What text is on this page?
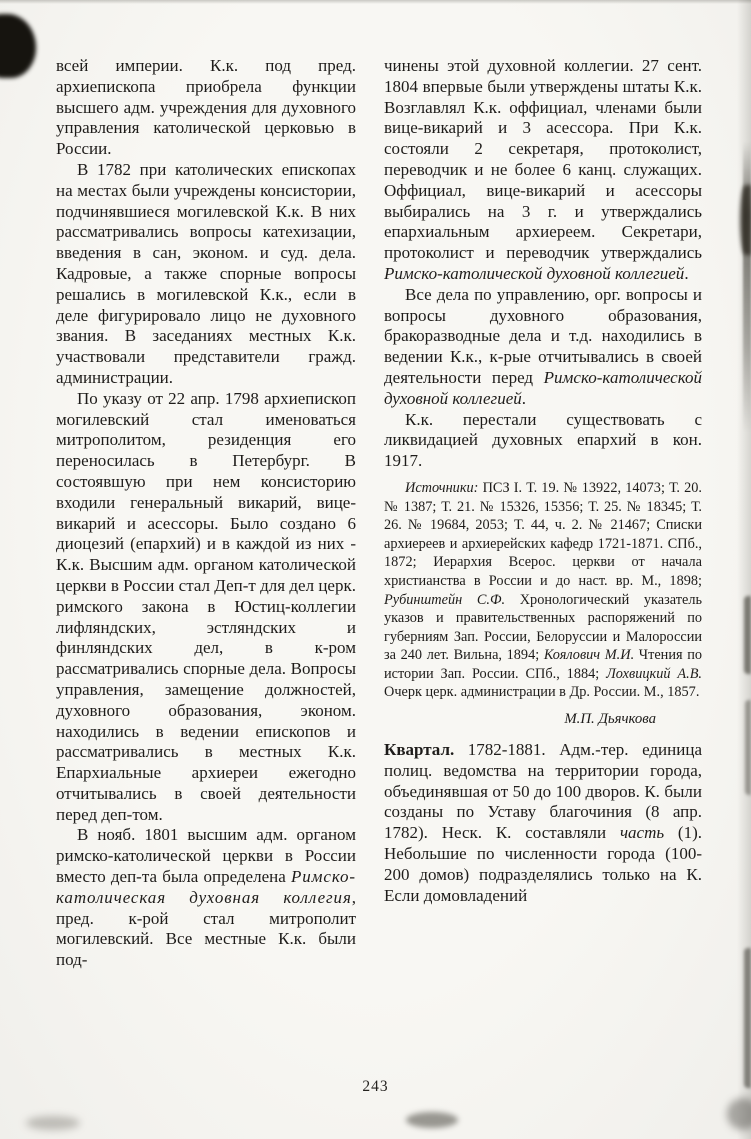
всей империи. К.к. под пред. архиепископа приобрела функции высшего адм. учреждения для духовного управления католической церковью в России.

В 1782 при католических епископах на местах были учреждены консистории, подчинявшиеся могилевской К.к. В них рассматривались вопросы катехизации, введения в сан, эконом. и суд. дела. Кадровые, а также спорные вопросы решались в могилевской К.к., если в деле фигурировало лицо не духовного звания. В заседаниях местных К.к. участвовали представители гражд. администрации.

По указу от 22 апр. 1798 архиепископ могилевский стал именоваться митрополитом, резиденция его переносилась в Петербург. В состоявшую при нем консисторию входили генеральный викарий, вице-викарий и асессоры. Было создано 6 диоцезий (епархий) и в каждой из них - К.к. Высшим адм. органом католической церкви в России стал Деп-т для дел церк. римского закона в Юстиц-коллегии лифляндских, эстляндских и финляндских дел, в к-ром рассматривались спорные дела. Вопросы управления, замещение должностей, духовного образования, эконом. находились в ведении епископов и рассматривались в местных К.к. Епархиальные архиереи ежегодно отчитывались в своей деятельности перед деп-том.

В нояб. 1801 высшим адм. органом римско-католической церкви в России вместо деп-та была определена Римско-католическая духовная коллегия, пред. к-рой стал митрополит могилевский. Все местные К.к. были под-

чинены этой духовной коллегии. 27 сент. 1804 впервые были утверждены штаты К.к. Возглавлял К.к. оффициал, членами были вице-викарий и 3 асессора. При К.к. состояли 2 секретаря, протоколист, переводчик и не более 6 канц. служащих. Оффициал, вице-викарий и асессоры выбирались на 3 г. и утверждались епархиальным архиереем. Секретари, протоколист и переводчик утверждались Римско-католической духовной коллегией.

Все дела по управлению, орг. вопросы и вопросы духовного образования, бракоразводные дела и т.д. находились в ведении К.к., к-рые отчитывались в своей деятельности перед Римско-католической духовной коллегией.

К.к. перестали существовать с ликвидацией духовных епархий в кон. 1917.

Источники: ПСЗ I. Т. 19. № 13922, 14073; Т. 20. № 1387; Т. 21. № 15326, 15356; Т. 25. № 18345; Т. 26. № 19684, 2053; Т. 44, ч. 2. № 21467; Списки архиереев и архиерейских кафедр 1721-1871. СПб., 1872; Иерархия Всерос. церкви от начала христианства в России и до наст. вр. М., 1898; Рубинштейн С.Ф. Хронологический указатель указов и правительственных распоряжений по губерниям Зап. России, Белоруссии и Малороссии за 240 лет. Вильна, 1894; Коялович М.И. Чтения по истории Зап. России. СПб., 1884; Лохвицкий А.В. Очерк церк. администрации в Др. России. М., 1857.

М.П. Дьячкова

Квартал. 1782-1881. Адм.-тер. единица полиц. ведомства на территории города, объединявшая от 50 до 100 дворов. К. были созданы по Уставу благочиния (8 апр. 1782). Неск. К. составляли часть (1). Небольшие по численности города (100-200 домов) подразделялись только на К. Если домовладений

243
